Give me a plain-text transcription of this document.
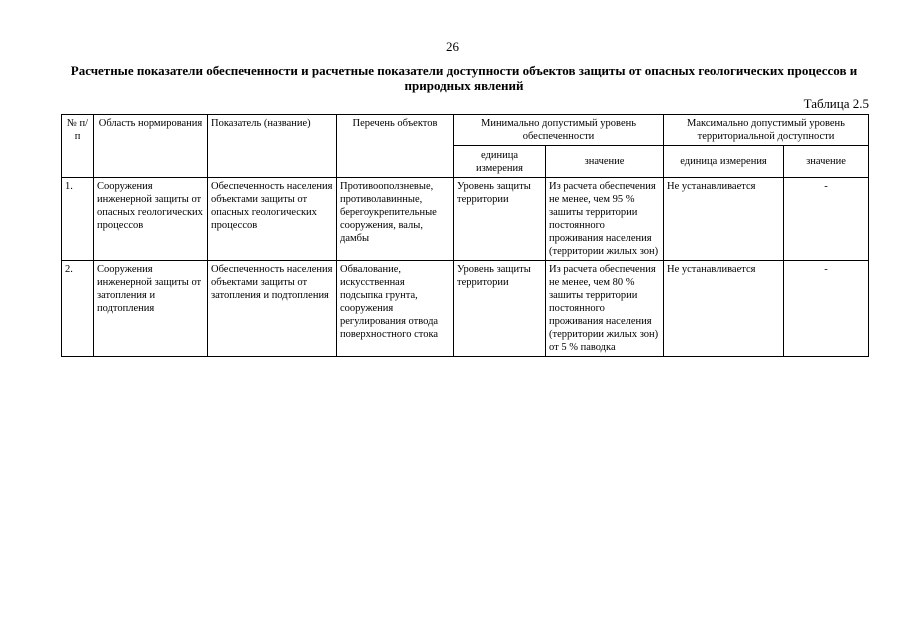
26
Расчетные показатели обеспеченности и расчетные показатели доступности объектов защиты от опасных геологических процессов и природных явлений
Таблица 2.5
№ п/п	Область нормирования	Показатель (название)	Перечень объектов	Минимально допустимый уровень обеспеченности		Максимально допустимый уровень территориальной доступности	
				единица измерения	значение	единица измерения	значение
1.	Сооружения инженерной защиты от опасных геологических процессов	Обеспеченность населения объектами защиты от опасных геологических процессов	Противооползневые, противолавинные, берегоукрепительные сооружения, валы, дамбы	Уровень защиты территории	Из расчета обеспечения не менее, чем 95 % зашиты территории постоянного проживания населения (территории жилых зон)	Не устанавливается	-
2.	Сооружения инженерной защиты от затопления и подтопления	Обеспеченность населения объектами защиты от затопления и подтопления	Обвалование, искусственная подсыпка грунта, сооружения регулирования отвода поверхностного стока	Уровень защиты территории	Из расчета обеспечения не менее, чем 80 % зашиты территории постоянного проживания населения (территории жилых зон) от 5 % паводка	Не устанавливается	-
